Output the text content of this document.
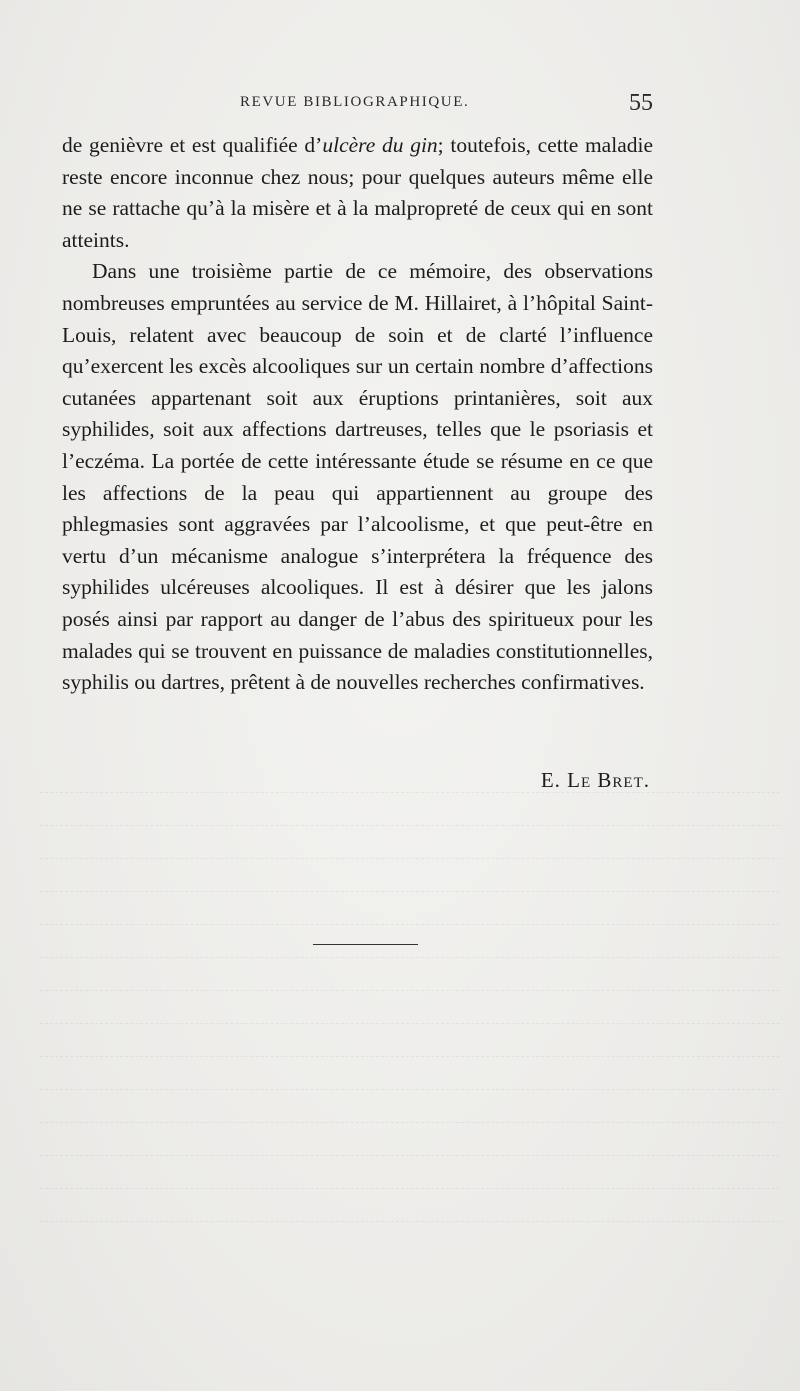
REVUE BIBLIOGRAPHIQUE.	55

de genièvre et est qualifiée d’ulcère du gin; toutefois, cette maladie reste encore inconnue chez nous; pour quelques auteurs même elle ne se rattache qu’à la misère et à la malpropreté de ceux qui en sont atteints.

Dans une troisième partie de ce mémoire, des observations nombreuses empruntées au service de M. Hillairet, à l’hôpital Saint-Louis, relatent avec beaucoup de soin et de clarté l’influence qu’exercent les excès alcooliques sur un certain nombre d’affections cutanées appartenant soit aux éruptions printanières, soit aux syphilides, soit aux affections dartreuses, telles que le psoriasis et l’eczéma. La portée de cette intéressante étude se résume en ce que les affections de la peau qui appartiennent au groupe des phlegmasies sont aggravées par l’alcoolisme, et que peut-être en vertu d’un mécanisme analogue s’interprétera la fréquence des syphilides ulcéreuses alcooliques. Il est à désirer que les jalons posés ainsi par rapport au danger de l’abus des spiritueux pour les malades qui se trouvent en puissance de maladies constitutionnelles, syphilis ou dartres, prêtent à de nouvelles recherches confirmatives.

E. Le Bret.
